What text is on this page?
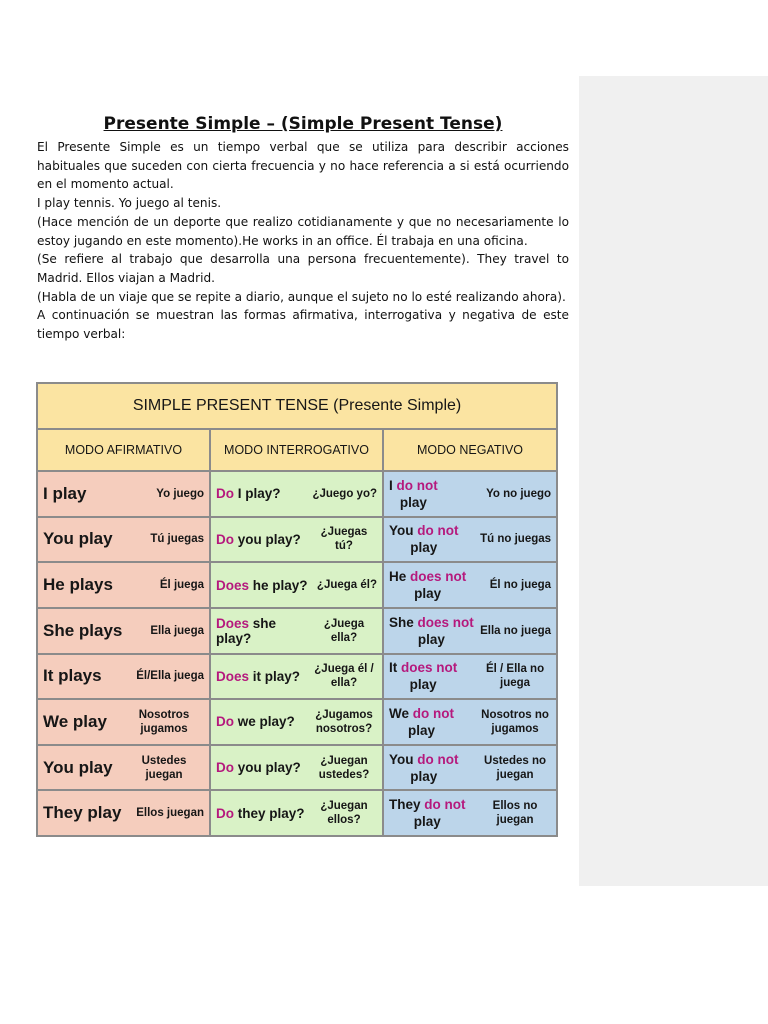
Presente Simple – (Simple Present Tense)

El Presente Simple es un tiempo verbal que se utiliza para describir acciones habituales que suceden con cierta frecuencia y no hace referencia a si está ocurriendo en el momento actual.

I play tennis. Yo juego al tenis.

(Hace mención de un deporte que realizo cotidianamente y que no necesariamente lo estoy jugando en este momento).He works in an office. Él trabaja en una oficina.

(Se refiere al trabajo que desarrolla una persona frecuentemente). They travel to Madrid. Ellos viajan a Madrid.

(Habla de un viaje que se repite a diario, aunque el sujeto no lo esté realizando ahora).

A continuación se muestran las formas afirmativa, interrogativa y negativa de este tiempo verbal:

SIMPLE PRESENT TENSE (Presente Simple)		
MODO AFIRMATIVO	MODO INTERROGATIVO	MODO NEGATIVO

I play Yo juego	Do I play? ¿Juego yo?	I do not
play
Yo no juego

You play Tú juegas	Do you play? ¿Juegas tú?	You do not
play
Tú no juegas

He plays Él juega	Does he play? ¿Juega él?	He does not
play
Él no juega

She plays Ella juega	Does she play?
¿Juega ella?	She does not
play
Ella no juega

It plays Él/Ella juega	Does it play? ¿Juega él / ella?	It does not
play
Él / Ella no juega

We play Nosotros jugamos	Do we play? ¿Jugamos nosotros?	We do not
play
Nosotros no jugamos

You play Ustedes juegan	Do you play? ¿Juegan ustedes?	You do not
play
Ustedes no juegan

They play Ellos juegan	Do they play? ¿Juegan ellos?	They do not
play
Ellos no juegan
